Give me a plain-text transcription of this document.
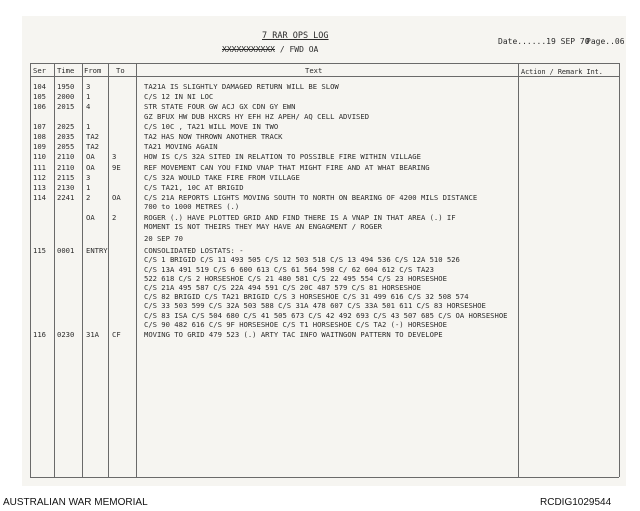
7 RAR OPS LOG
XXXXXXXXXXX / FWD OA
Date......19 SEP 70
Page..06
Ser Time From To	Text	Action / Remark Int.
104 1950 3	TA21A IS SLIGHTLY DAMAGED RETURN WILL BE SLOW
105 2000 1	C/S 12 IN NI LOC
106 2015 4	STR STATE FOUR GW ACJ GX CDN GY EWN
GZ BFUX HW DUB HXCRS HY EFH HZ APEH/ AQ CELL ADVISED
107 2025 1	C/S 10C , TA21 WILL MOVE IN TWO
108 2035 TA2	TA2 HAS NOW THROWN ANOTHER TRACK
109 2055 TA2	TA21 MOVING AGAIN
110 2110 OA 3	HOW IS C/S 32A SITED IN RELATION TO POSSIBLE FIRE WITHIN VILLAGE
111 2110 OA 9E	REF MOVEMENT CAN YOU FIND VNAP THAT MIGHT FIRE AND AT WHAT BEARING
112 2115 3	C/S 32A WOULD TAKE FIRE FROM VILLAGE
113 2130 1	C/S TA21, 10C AT BRIGID
114 2241 2	OA	C/S 21A REPORTS LIGHTS MOVING SOUTH TO NORTH ON BEARING OF 4200 MILS DISTANCE
700 to 1000 METRES (.)
OA 2	ROGER (.) HAVE PLOTTED GRID AND FIND THERE IS A VNAP IN THAT AREA (.) IF
MOMENT IS NOT THEIRS THEY MAY HAVE AN ENGAGMENT / ROGER
20 SEP 70
115 0001 ENTRY	CONSOLIDATED LOSTATS: -
C/S 1 BRIGID C/S 11 493 505 C/S 12 503 518 C/S 13 494 536 C/S 12A 510 526
C/S 13A 491 519 C/S 6 600 613 C/S 61 564 598 C/ 62 604 612 C/S TA23
522 618 C/S 2 HORSESHOE C/S 21 480 581 C/S 22 495 554 C/S 23 HORSESHOE
C/S 21A 495 587 C/S 22A 494 591 C/S 20C 487 579 C/S 81 HORSESHOE
C/S 82 BRIGID C/S TA21 BRIGID C/S 3 HORSESHOE C/S 31 499 616 C/S 32 508 574
C/S 33 503 599 C/S 32A 503 588 C/S 31A 478 607 C/S 33A 501 611 C/S 83 HORSESHOE
C/S 83 ISA C/S 504 680 C/S 41 505 673 C/S 42 492 693 C/S 43 507 685 C/S OA HORSESHOE
C/S 90 482 616 C/S 9F HORSESHOE C/S T1 HORSESHOE C/S TA2 (-) HORSESHOE
116 0230 31A CF	MOVING TO GRID 479 523 (.) ARTY TAC INFO WAITNGON PATTERN TO DEVELOPE
AUSTRALIAN WAR MEMORIAL	RCDIG1029544
